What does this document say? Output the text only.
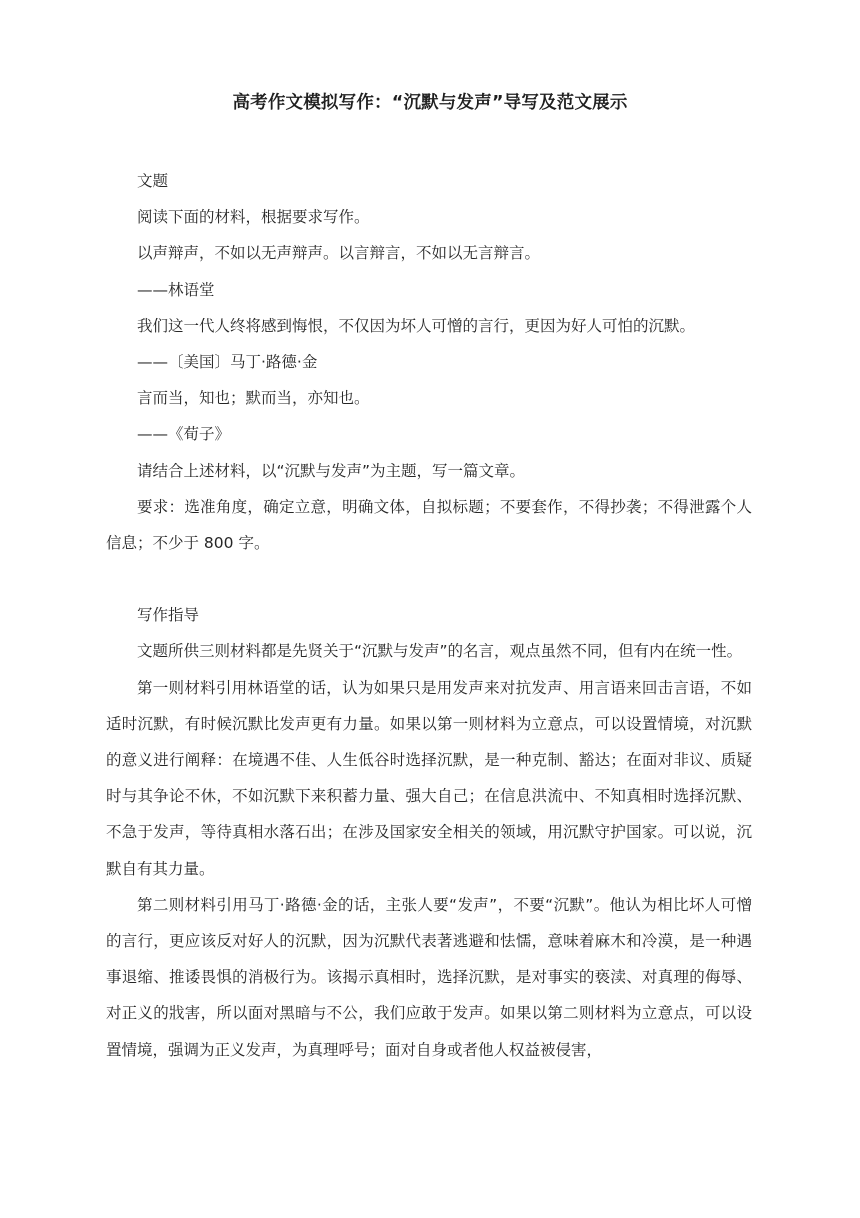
高考作文模拟写作：“沉默与发声”导写及范文展示

文题

阅读下面的材料，根据要求写作。

以声辩声，不如以无声辩声。以言辩言，不如以无言辩言。

——林语堂

我们这一代人终将感到悔恨，不仅因为坏人可憎的言行，更因为好人可怕的沉默。

——〔美国〕马丁·路德·金

言而当，知也；默而当，亦知也。

——《荀子》

请结合上述材料，以“沉默与发声”为主题，写一篇文章。

要求：选准角度，确定立意，明确文体，自拟标题；不要套作，不得抄袭；不得泄露个人信息；不少于 800 字。

写作指导

文题所供三则材料都是先贤关于“沉默与发声”的名言，观点虽然不同，但有内在统一性。

第一则材料引用林语堂的话，认为如果只是用发声来对抗发声、用言语来回击言语，不如适时沉默，有时候沉默比发声更有力量。如果以第一则材料为立意点，可以设置情境，对沉默的意义进行阐释：在境遇不佳、人生低谷时选择沉默，是一种克制、豁达；在面对非议、质疑时与其争论不休，不如沉默下来积蓄力量、强大自己；在信息洪流中、不知真相时选择沉默、不急于发声，等待真相水落石出；在涉及国家安全相关的领域，用沉默守护国家。可以说，沉默自有其力量。

第二则材料引用马丁·路德·金的话，主张人要“发声”，不要“沉默”。他认为相比坏人可憎的言行，更应该反对好人的沉默，因为沉默代表著逃避和怯懦，意味着麻木和冷漠，是一种遇事退缩、推诿畏惧的消极行为。该揭示真相时，选择沉默，是对事实的亵渎、对真理的侮辱、对正义的戕害，所以面对黑暗与不公，我们应敢于发声。如果以第二则材料为立意点，可以设置情境，强调为正义发声，为真理呼号；面对自身或者他人权益被侵害，
